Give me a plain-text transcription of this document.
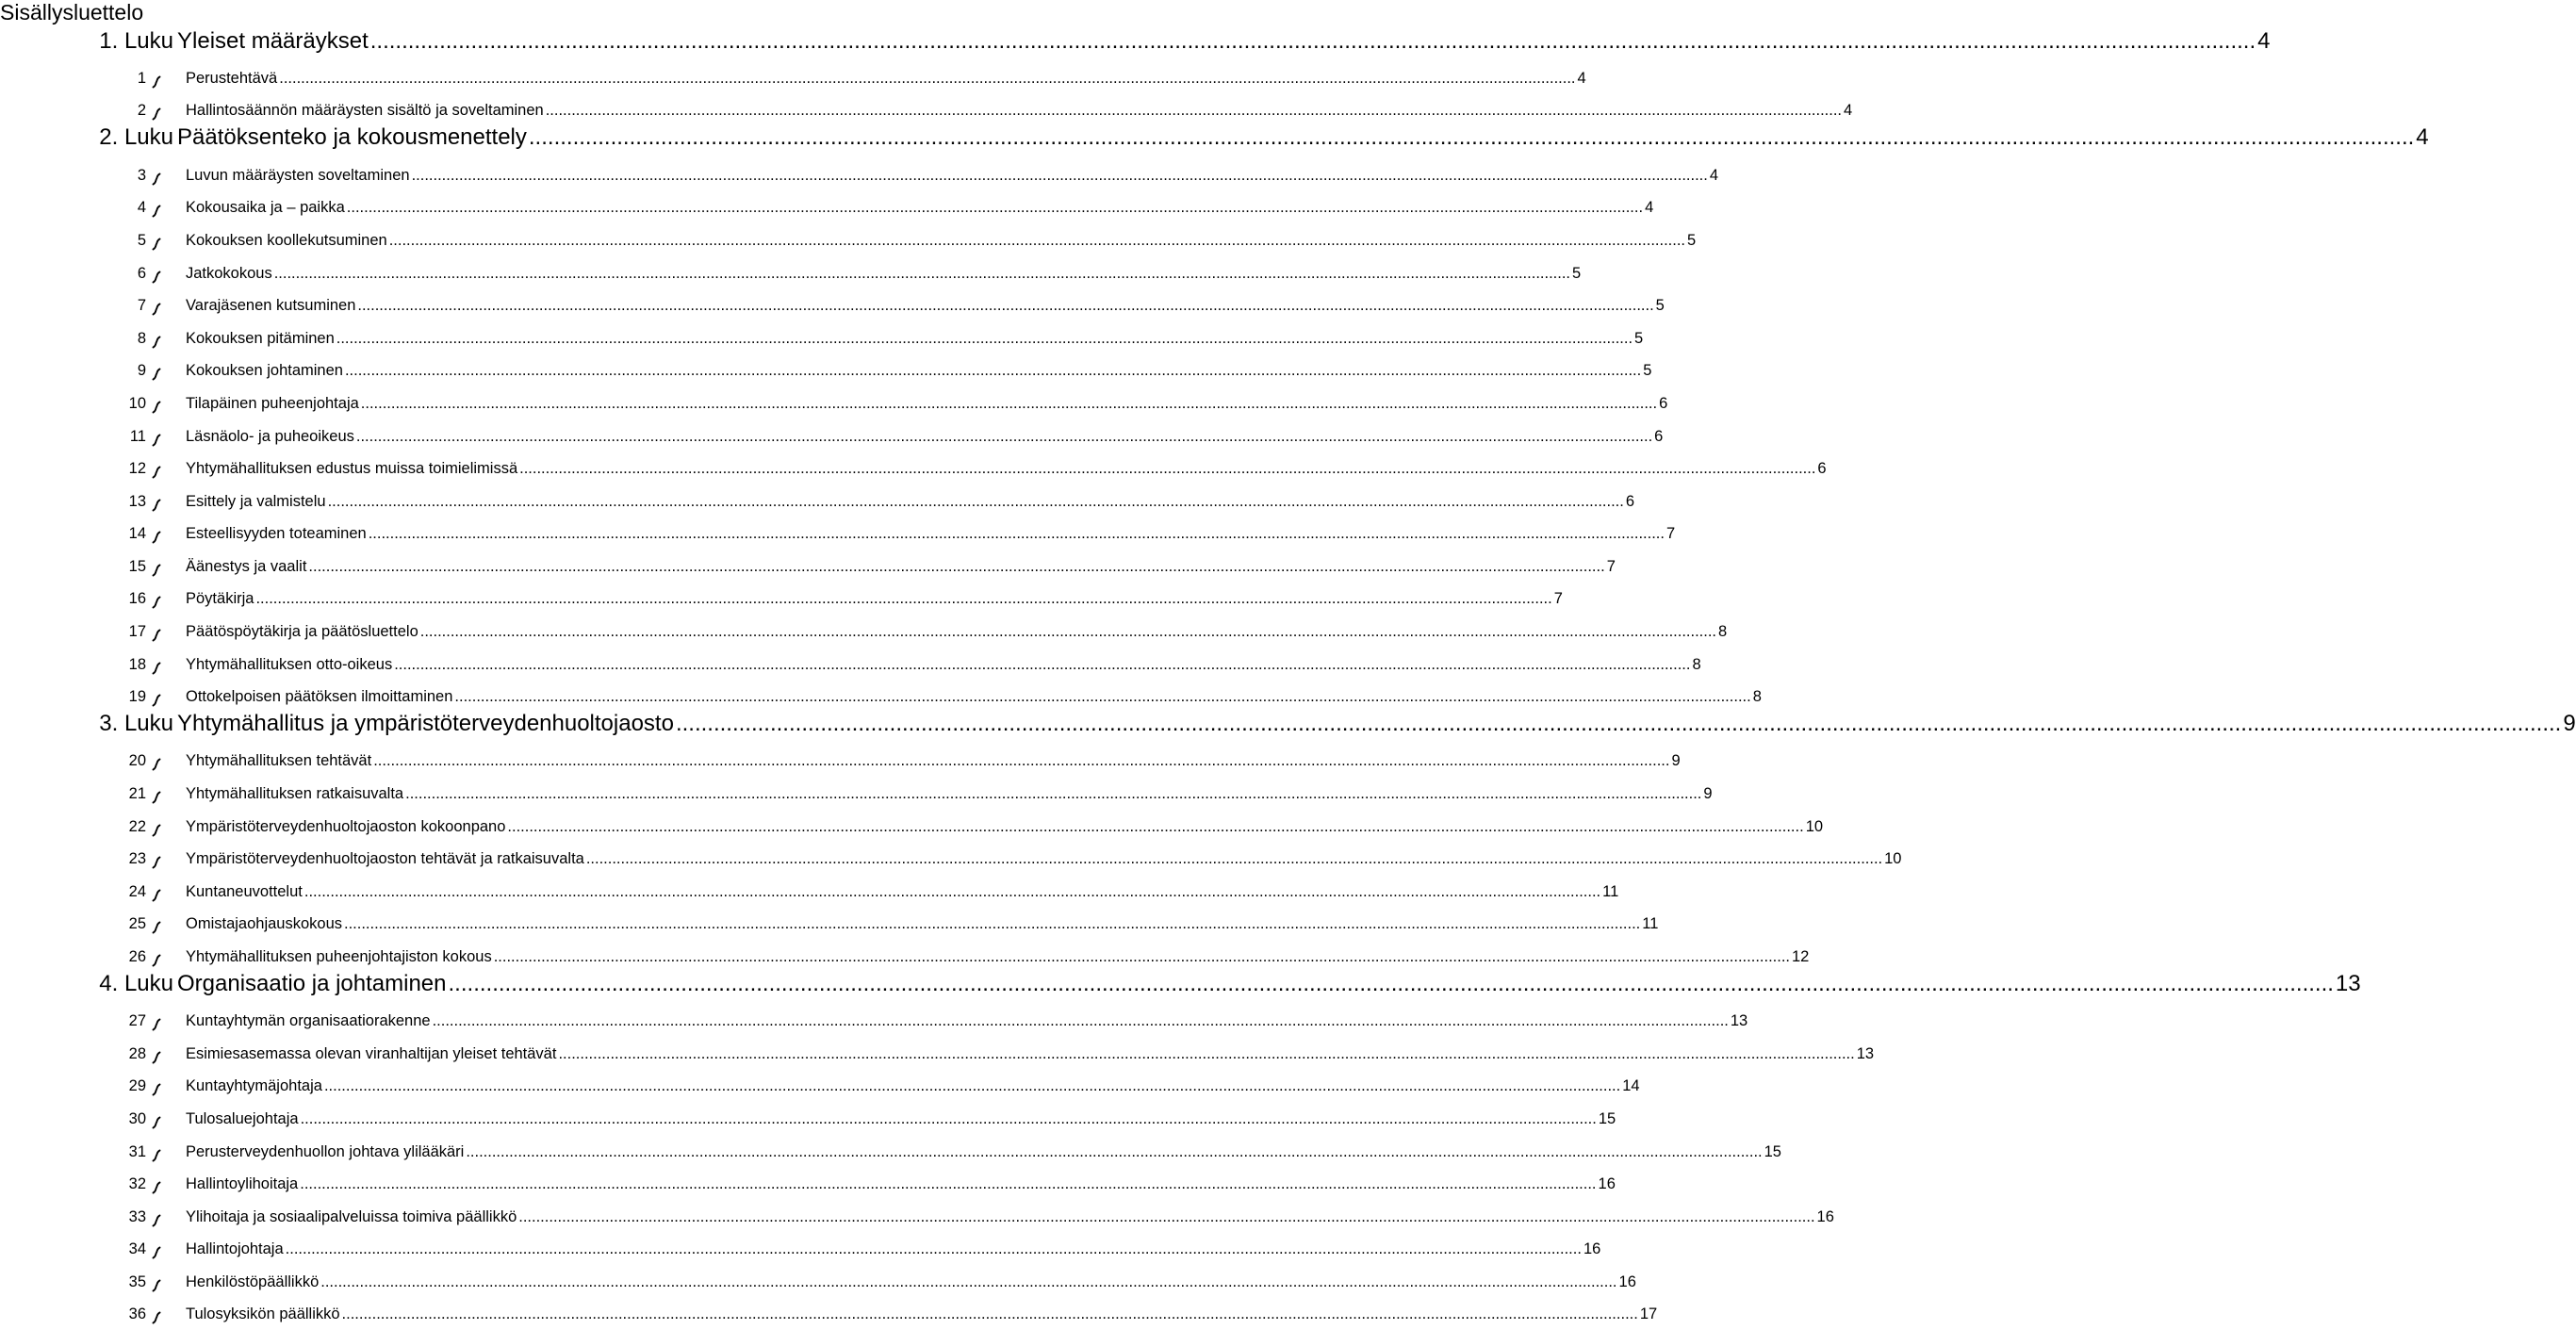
Sisällysluettelo
1. Luku Yleiset määräykset ............................................................................................................................................................................................................................................................................................................ 4
1	Perustehtävä ............................................................................................................................................................................................................................................................................................................ 4
2	Hallintosäännön määräysten sisältö ja soveltaminen ............................................................................................................................................................................................................................................................................................................ 4
2. Luku Päätöksenteko ja kokousmenettely ............................................................................................................................................................................................................................................................................................................ 4
3	Luvun määräysten soveltaminen ............................................................................................................................................................................................................................................................................................................ 4
4	Kokousaika ja – paikka ............................................................................................................................................................................................................................................................................................................ 4
5	Kokouksen koollekutsuminen ............................................................................................................................................................................................................................................................................................................ 5
6	Jatkokokous ............................................................................................................................................................................................................................................................................................................ 5
7	Varajäsenen kutsuminen ............................................................................................................................................................................................................................................................................................................ 5
8	Kokouksen pitäminen ............................................................................................................................................................................................................................................................................................................ 5
9	Kokouksen johtaminen ............................................................................................................................................................................................................................................................................................................ 5
10	Tilapäinen puheenjohtaja ............................................................................................................................................................................................................................................................................................................ 6
11	Läsnäolo- ja puheoikeus ............................................................................................................................................................................................................................................................................................................ 6
12	Yhtymähallituksen edustus muissa toimielimissä ............................................................................................................................................................................................................................................................................................................ 6
13	Esittely ja valmistelu ............................................................................................................................................................................................................................................................................................................ 6
14	Esteellisyyden toteaminen ............................................................................................................................................................................................................................................................................................................ 7
15	Äänestys ja vaalit ............................................................................................................................................................................................................................................................................................................ 7
16	Pöytäkirja ............................................................................................................................................................................................................................................................................................................ 7
17	Päätöspöytäkirja ja päätösluettelo ............................................................................................................................................................................................................................................................................................................ 8
18	Yhtymähallituksen otto-oikeus ............................................................................................................................................................................................................................................................................................................ 8
19	Ottokelpoisen päätöksen ilmoittaminen ............................................................................................................................................................................................................................................................................................................ 8
3. Luku Yhtymähallitus ja ympäristöterveydenhuoltojaosto ............................................................................................................................................................................................................................................................................................................ 9
20	Yhtymähallituksen tehtävät ............................................................................................................................................................................................................................................................................................................ 9
21	Yhtymähallituksen ratkaisuvalta ............................................................................................................................................................................................................................................................................................................ 9
22	Ympäristöterveydenhuoltojaoston kokoonpano ............................................................................................................................................................................................................................................................................................................ 10
23	Ympäristöterveydenhuoltojaoston tehtävät ja ratkaisuvalta ............................................................................................................................................................................................................................................................................................................ 10
24	Kuntaneuvottelut ............................................................................................................................................................................................................................................................................................................ 11
25	Omistajaohjauskokous ............................................................................................................................................................................................................................................................................................................ 11
26	Yhtymähallituksen puheenjohtajiston kokous ............................................................................................................................................................................................................................................................................................................ 12
4. Luku Organisaatio ja johtaminen ............................................................................................................................................................................................................................................................................................................ 13
27	Kuntayhtymän organisaatiorakenne ............................................................................................................................................................................................................................................................................................................ 13
28	Esimiesasemassa olevan viranhaltijan yleiset tehtävät ............................................................................................................................................................................................................................................................................................................ 13
29	Kuntayhtymäjohtaja ............................................................................................................................................................................................................................................................................................................ 14
30	Tulosaluejohtaja ............................................................................................................................................................................................................................................................................................................ 15
31	Perusterveydenhuollon johtava ylilääkäri ............................................................................................................................................................................................................................................................................................................ 15
32	Hallintoylihoitaja ............................................................................................................................................................................................................................................................................................................ 16
33	Ylihoitaja ja sosiaalipalveluissa toimiva päällikkö ............................................................................................................................................................................................................................................................................................................ 16
34	Hallintojohtaja ............................................................................................................................................................................................................................................................................................................ 16
35	Henkilöstöpäällikkö ............................................................................................................................................................................................................................................................................................................ 16
36	Tulosyksikön päällikkö ............................................................................................................................................................................................................................................................................................................ 17
